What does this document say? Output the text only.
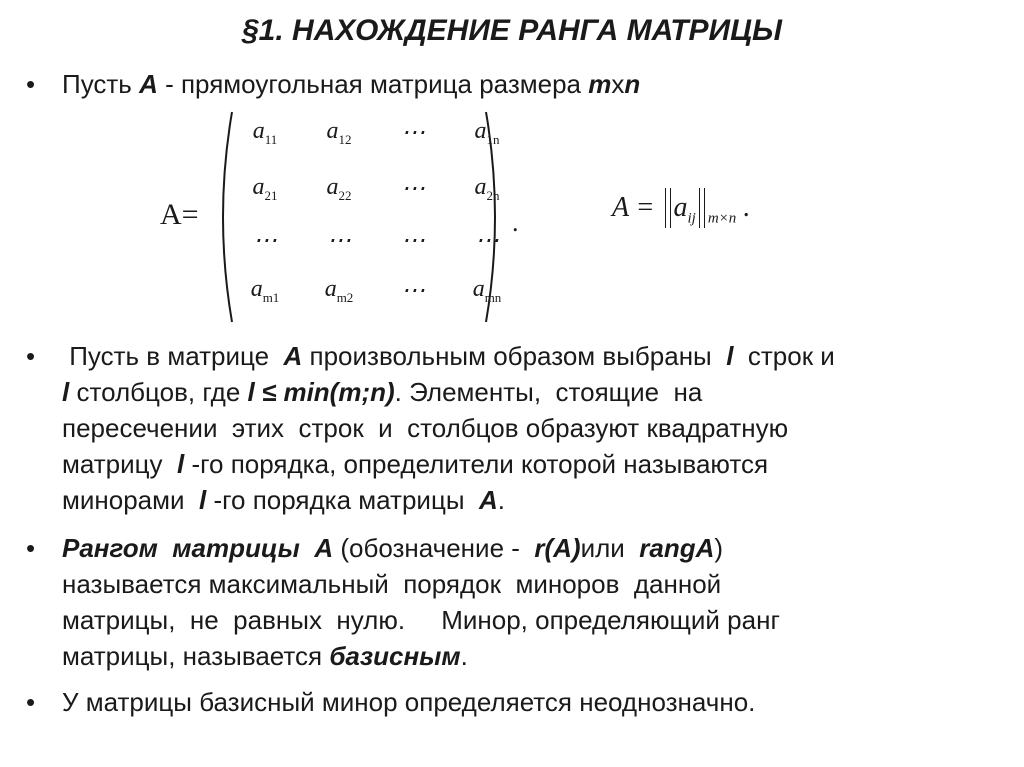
§1. НАХОЖДЕНИЕ РАНГА МАТРИЦЫ
• Пусть A - прямоугольная матрица размера mxn
A=
$a_{11}$	$a_{12}$	⋯	$a_{1n}$
$a_{21}$	$a_{22}$	⋯	$a_{2n}$
⋯	⋯	⋯	⋯
$a_{m1}$	$a_{m2}$	⋯	$a_{mn}$
.	$A = a_{ij}$ $_{m\times n}$ .
• Пусть в матрице  A произвольным образом выбраны  l  строк и
l столбцов, где l ≤ min(m;n). Элементы,  стоящие  на
пересечении  этих  строк  и  столбцов образуют квадратную
матрицу  l -го порядка, определители которой называются
минорами  l -го порядка матрицы  A.
• Рангом  матрицы  A (обозначение -  r(A)или  rangA)
называется максимальный  порядок  миноров  данной
матрицы,  не  равных  нулю.     Минор, определяющий ранг
матрицы, называется базисным.
• У матрицы базисный минор определяется неоднозначно.
